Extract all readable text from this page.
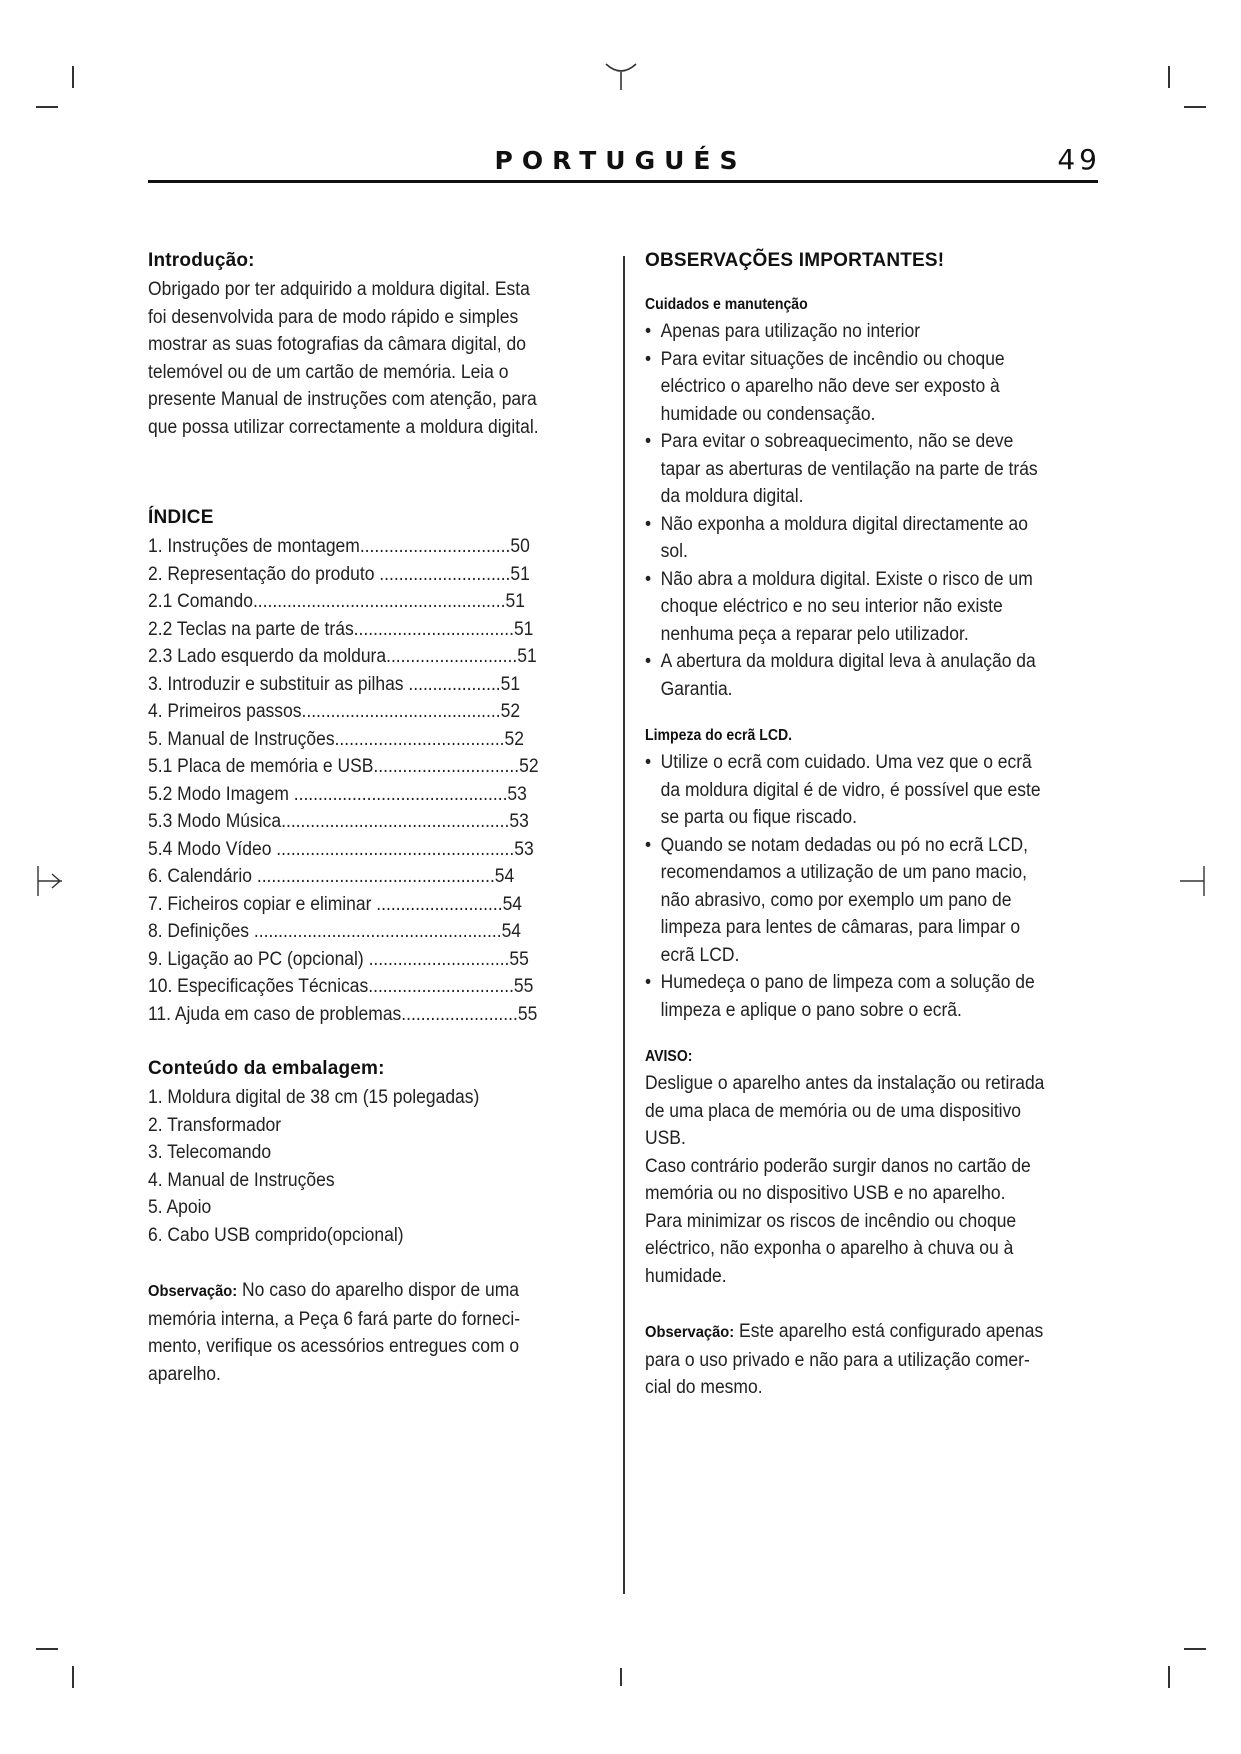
PORTUGUÉS	49
Introdução:
Obrigado por ter adquirido a moldura digital. Esta
foi desenvolvida para de modo rápido e simples
mostrar as suas fotografias da câmara digital, do
telemóvel ou de um cartão de memória. Leia o
presente Manual de instruções com atenção, para
que possa utilizar correctamente a moldura digital.
ÍNDICE
1. Instruções de montagem...............................50
2. Representação do produto ...........................51
2.1 Comando....................................................51
2.2 Teclas na parte de trás.................................51
2.3 Lado esquerdo da moldura...........................51
3. Introduzir e substituir as pilhas ...................51
4. Primeiros passos.........................................52
5. Manual de Instruções...................................52
5.1 Placa de memória e USB..............................52
5.2 Modo Imagem ............................................53
5.3 Modo Música...............................................53
5.4 Modo Vídeo .................................................53
6. Calendário .................................................54
7. Ficheiros copiar e eliminar ..........................54
8. Definições ...................................................54
9. Ligação ao PC (opcional) .............................55
10. Especificações Técnicas..............................55
11. Ajuda em caso de problemas........................55
Conteúdo da embalagem:
1. Moldura digital de 38 cm (15 polegadas)
2. Transformador
3. Telecomando
4. Manual de Instruções
5. Apoio
6. Cabo USB comprido(opcional)
Observação: No caso do aparelho dispor de uma
memória interna, a Peça 6 fará parte do forneci-
mento, verifique os acessórios entregues com o
aparelho.
OBSERVAÇÕES IMPORTANTES!
Cuidados e manutenção
• Apenas para utilização no interior
• Para evitar situações de incêndio ou choque
eléctrico o aparelho não deve ser exposto à
humidade ou condensação.
• Para evitar o sobreaquecimento, não se deve
tapar as aberturas de ventilação na parte de trás
da moldura digital.
• Não exponha a moldura digital directamente ao
sol.
• Não abra a moldura digital. Existe o risco de um
choque eléctrico e no seu interior não existe
nenhuma peça a reparar pelo utilizador.
• A abertura da moldura digital leva à anulação da
Garantia.
Limpeza do ecrã LCD.
• Utilize o ecrã com cuidado. Uma vez que o ecrã
da moldura digital é de vidro, é possível que este
se parta ou fique riscado.
• Quando se notam dedadas ou pó no ecrã LCD,
recomendamos a utilização de um pano macio,
não abrasivo, como por exemplo um pano de
limpeza para lentes de câmaras, para limpar o
ecrã LCD.
• Humedeça o pano de limpeza com a solução de
limpeza e aplique o pano sobre o ecrã.
AVISO:
Desligue o aparelho antes da instalação ou retirada
de uma placa de memória ou de uma dispositivo
USB.
Caso contrário poderão surgir danos no cartão de
memória ou no dispositivo USB e no aparelho.
Para minimizar os riscos de incêndio ou choque
eléctrico, não exponha o aparelho à chuva ou à
humidade.
Observação: Este aparelho está configurado apenas
para o uso privado e não para a utilização comer-
cial do mesmo.
